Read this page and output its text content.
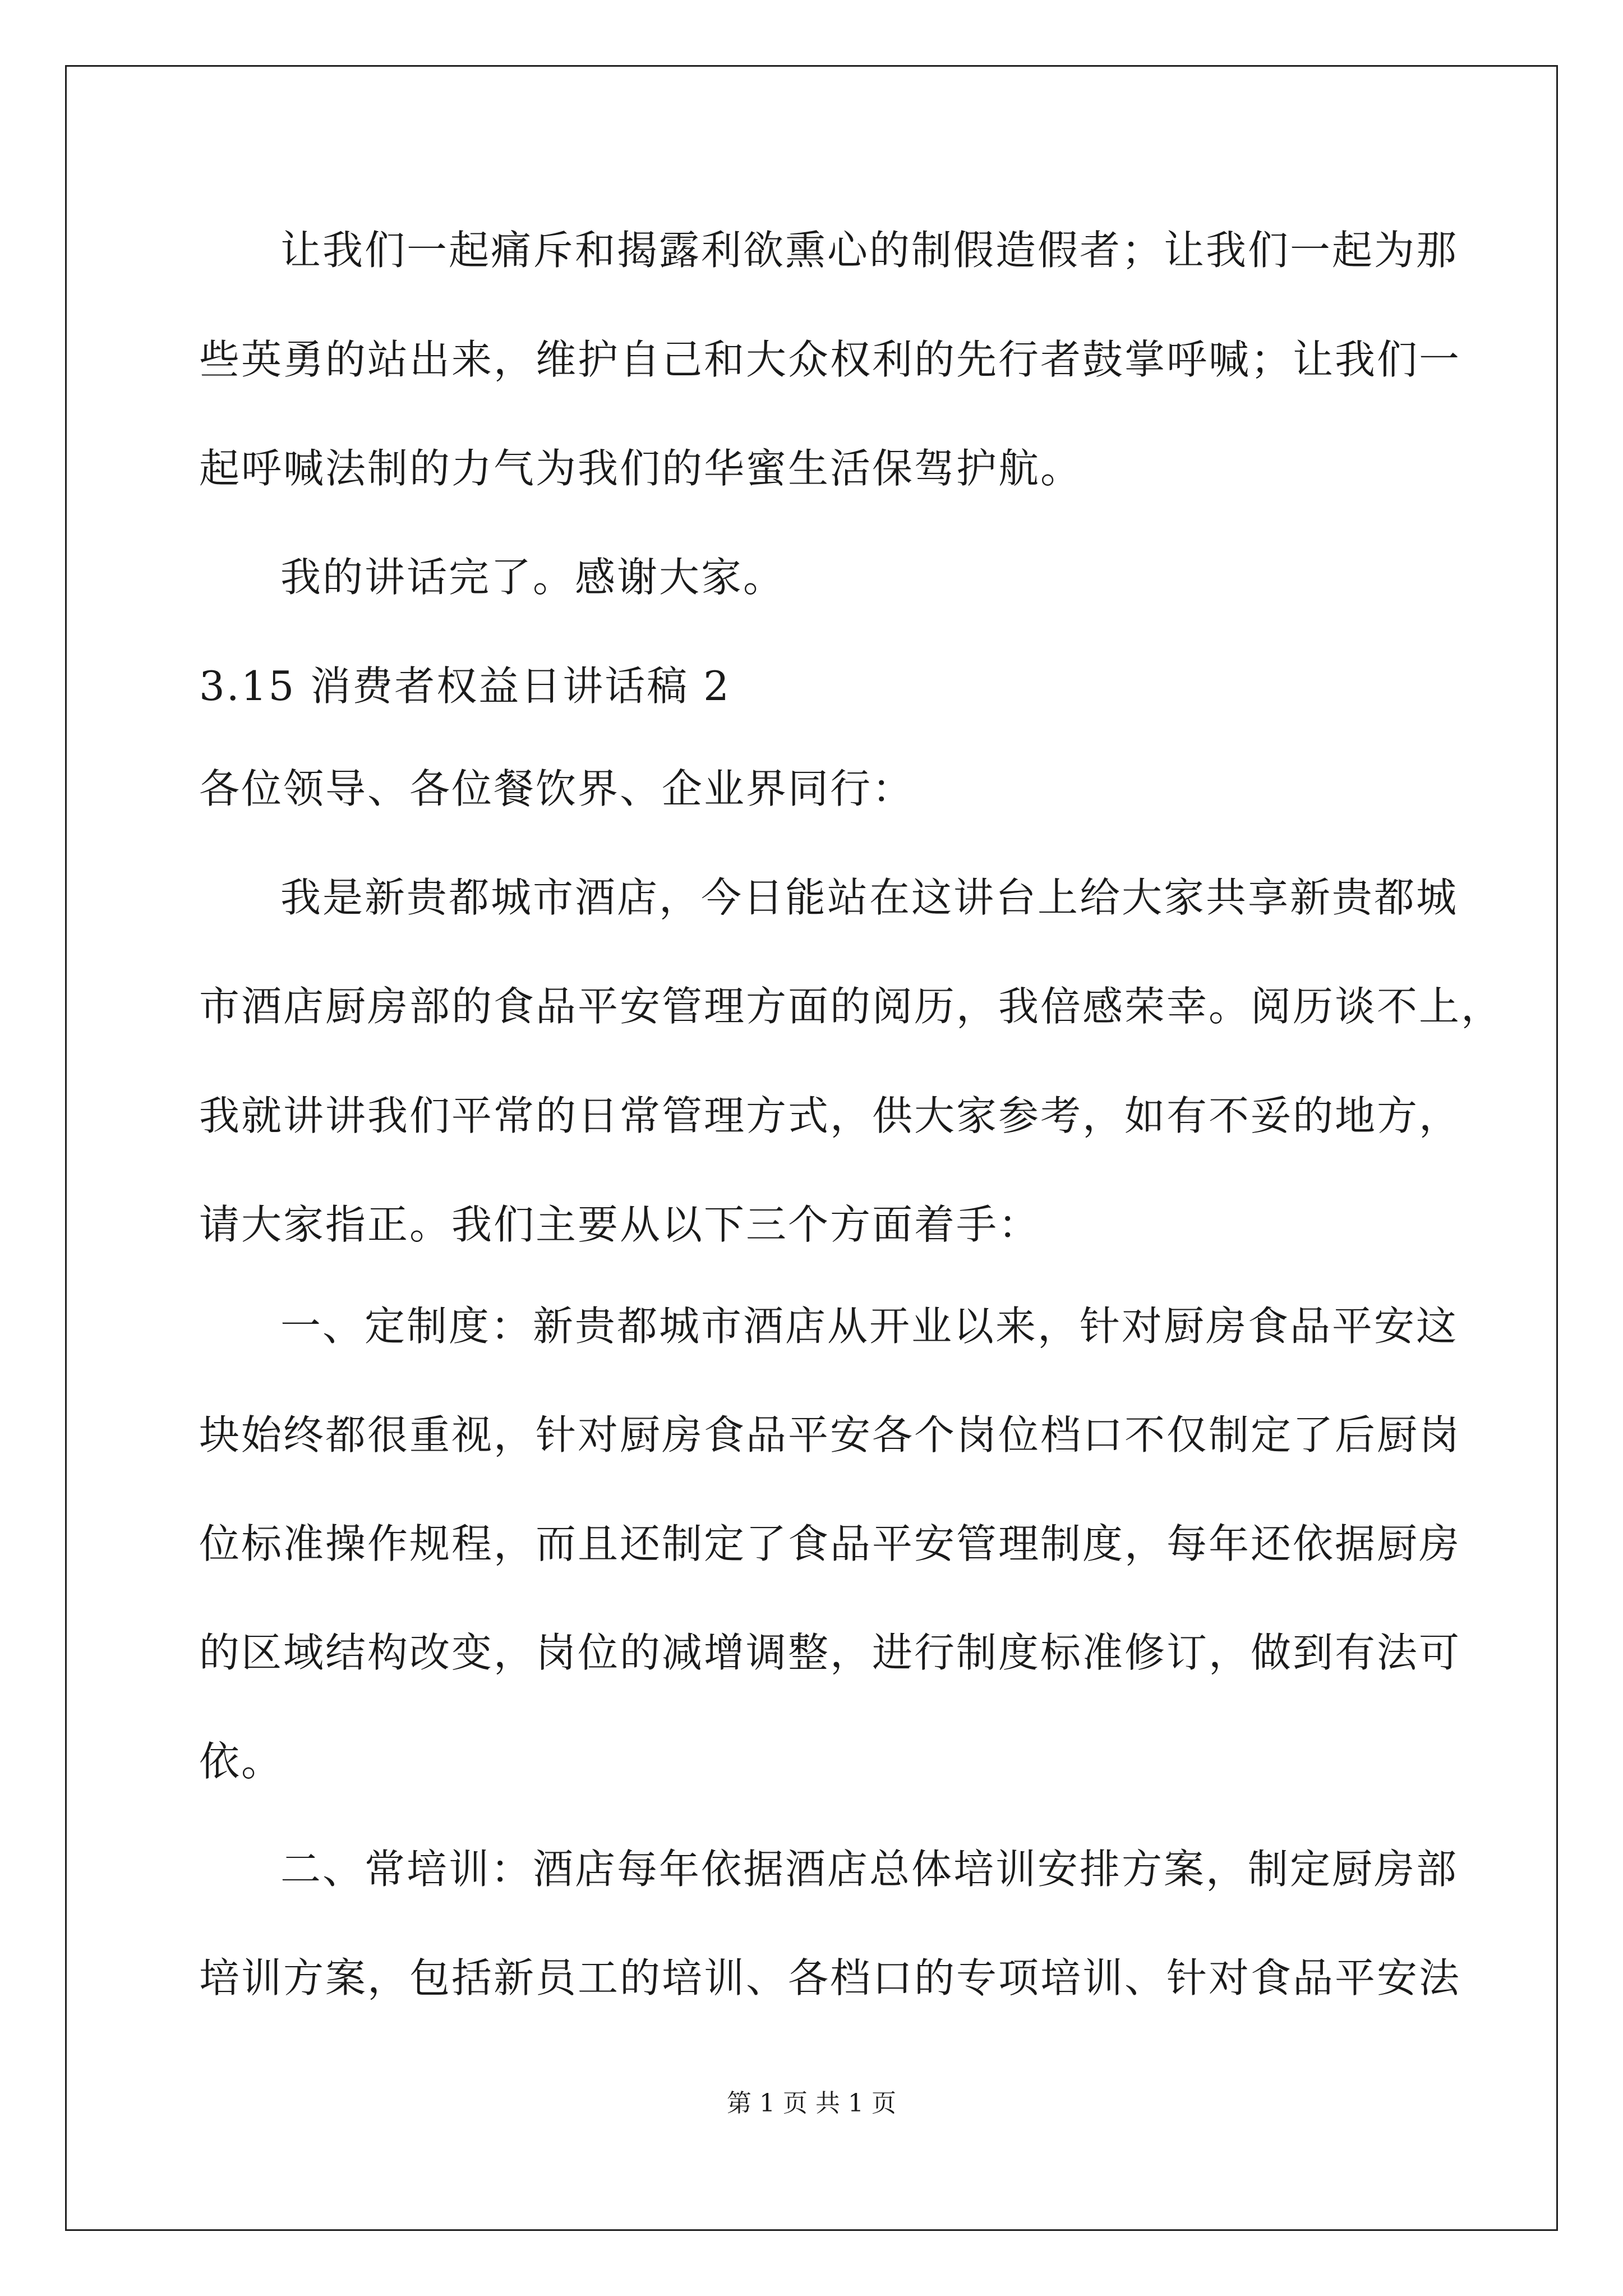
让我们一起痛斥和揭露利欲熏心的制假造假者；让我们一起为那
些英勇的站出来，维护自己和大众权利的先行者鼓掌呼喊；让我们一
起呼喊法制的力气为我们的华蜜生活保驾护航。
我的讲话完了。感谢大家。
3.15 消费者权益日讲话稿 2
各位领导、各位餐饮界、企业界同行：
我是新贵都城市酒店，今日能站在这讲台上给大家共享新贵都城
市酒店厨房部的食品平安管理方面的阅历，我倍感荣幸。阅历谈不上，
我就讲讲我们平常的日常管理方式，供大家参考，如有不妥的地方，
请大家指正。我们主要从以下三个方面着手：
一、定制度：新贵都城市酒店从开业以来，针对厨房食品平安这
块始终都很重视，针对厨房食品平安各个岗位档口不仅制定了后厨岗
位标准操作规程，而且还制定了食品平安管理制度，每年还依据厨房
的区域结构改变，岗位的减增调整，进行制度标准修订，做到有法可
依。
二、常培训：酒店每年依据酒店总体培训安排方案，制定厨房部
培训方案，包括新员工的培训、各档口的专项培训、针对食品平安法
第 1 页 共 1 页
